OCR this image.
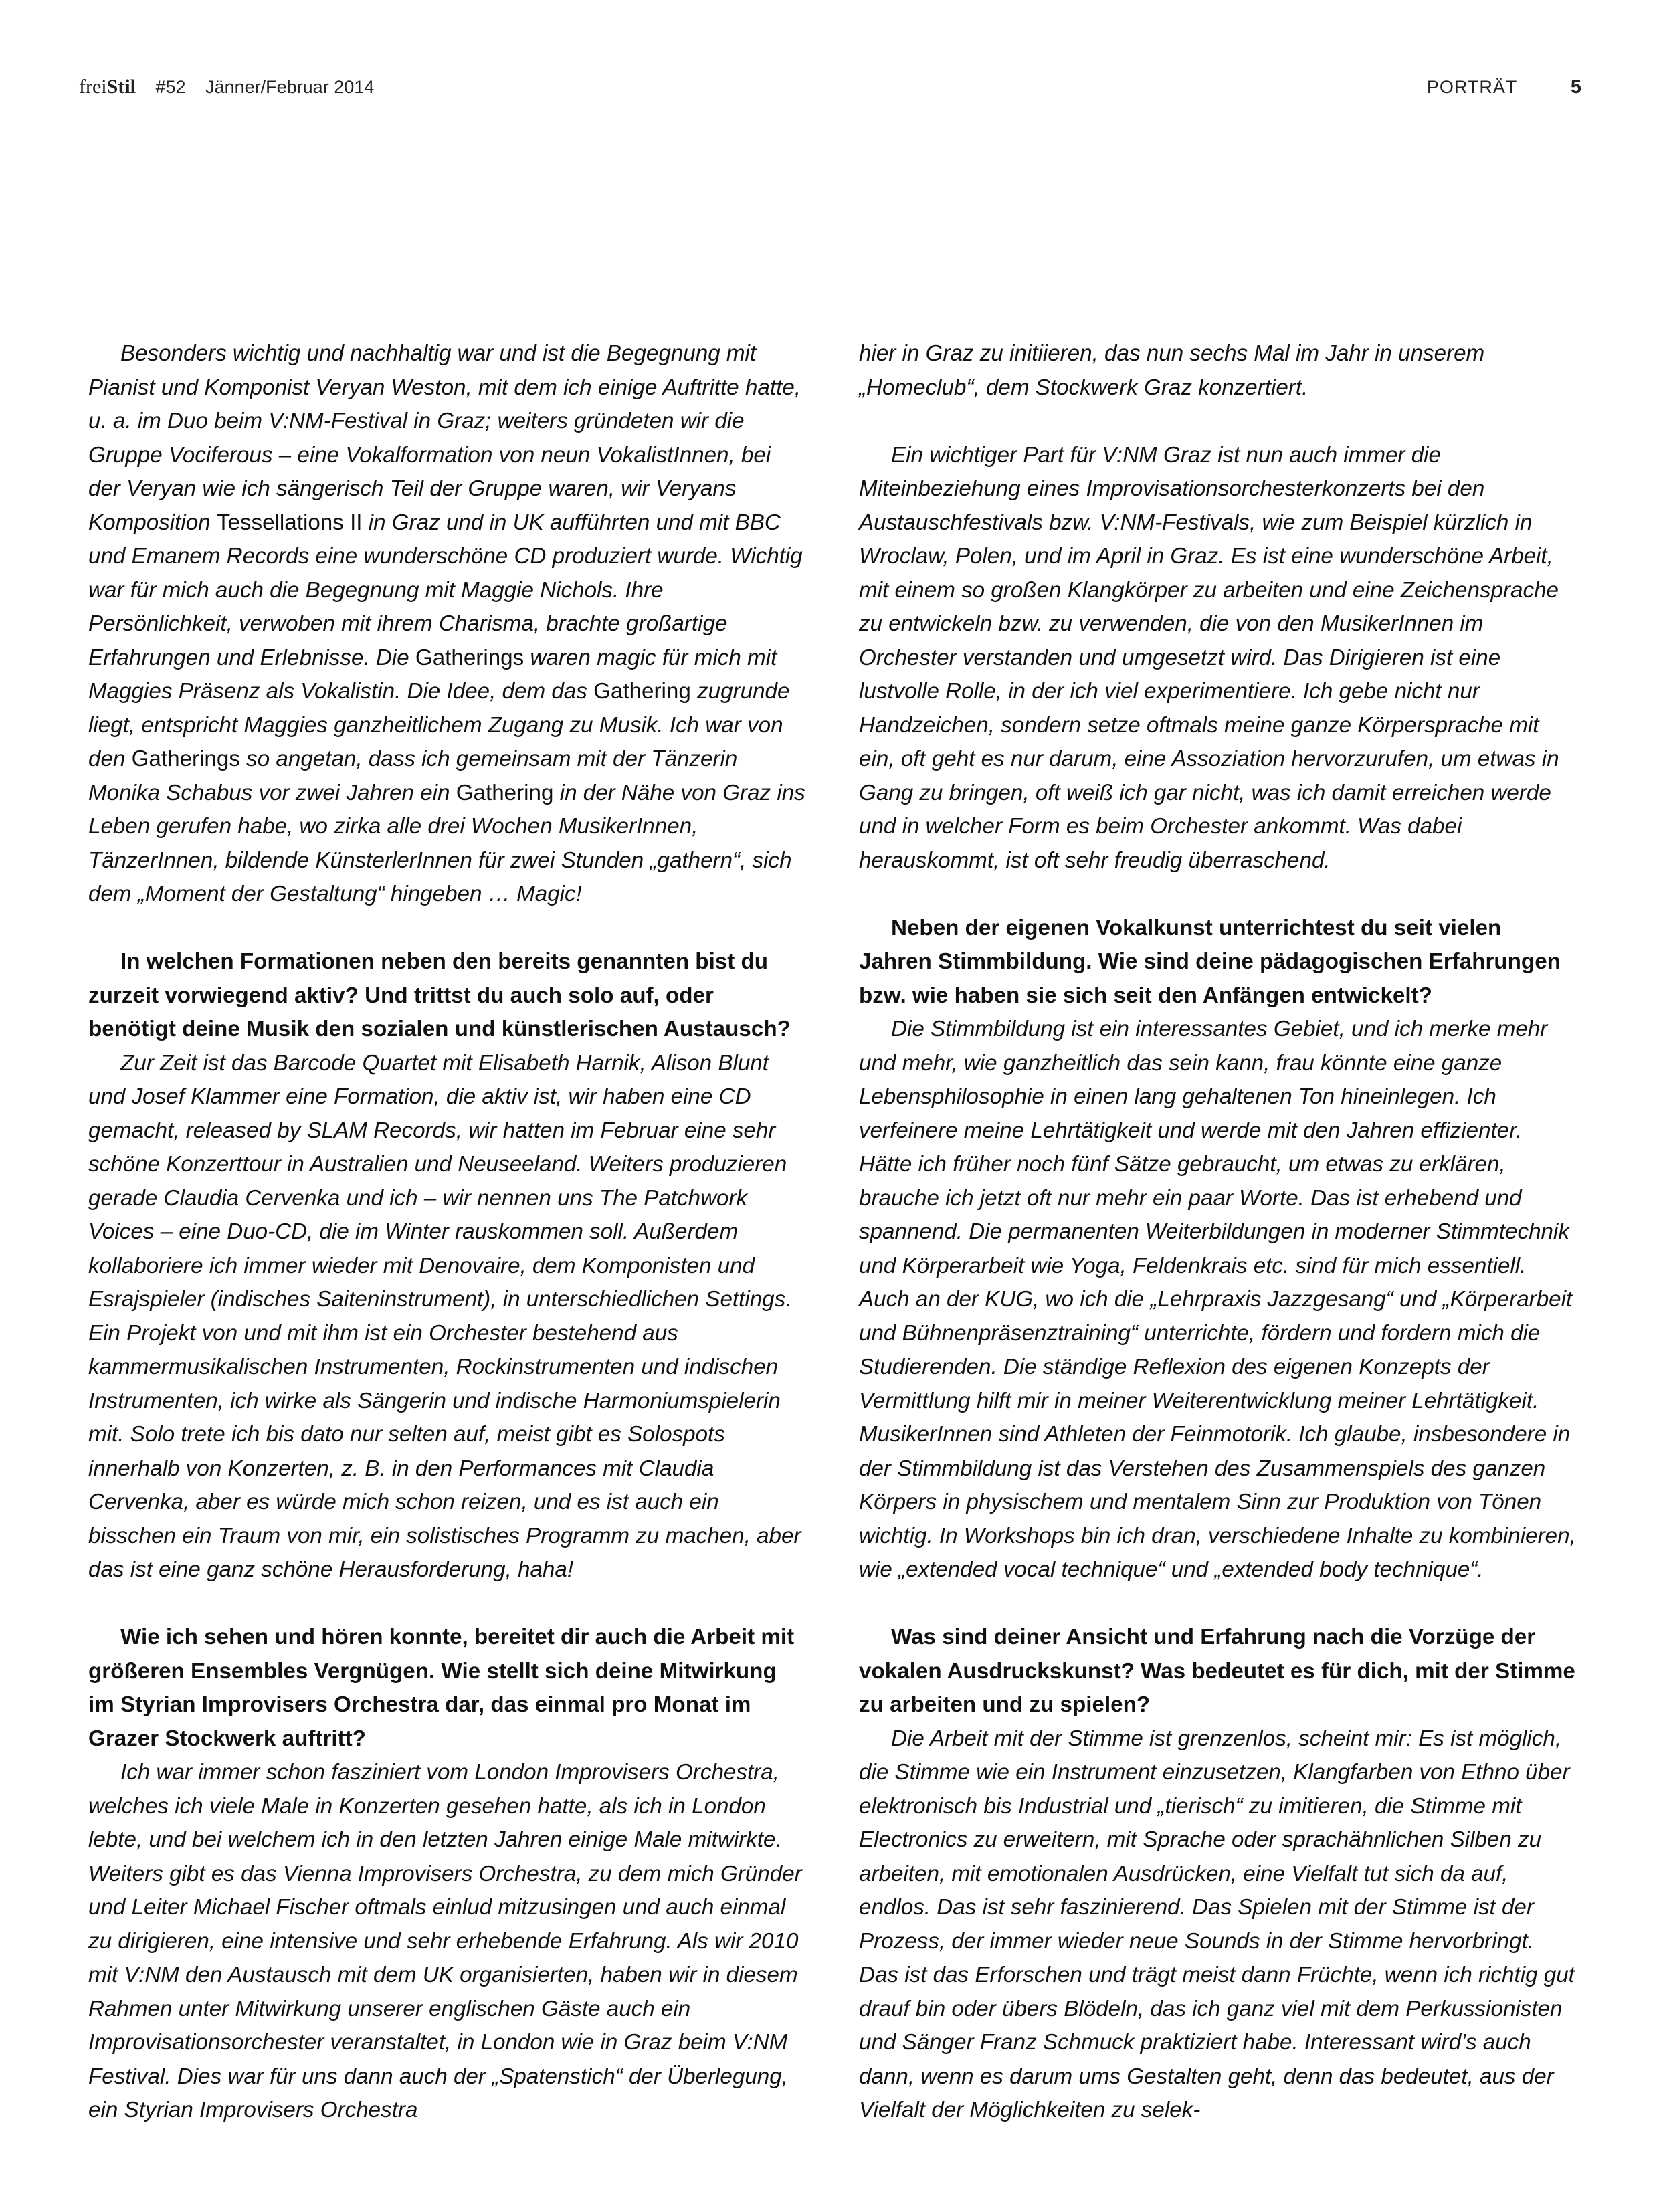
freiStil #52 Jänner/Februar 2014	PORTRÄT	5

Besonders wichtig und nachhaltig war und ist die Begegnung mit Pianist und Komponist Veryan Weston, mit dem ich einige Auftritte hatte, u. a. im Duo beim V:NM-Festival in Graz; weiters gründeten wir die Gruppe Vociferous – eine Vokalformation von neun VokalistInnen, bei der Veryan wie ich sängerisch Teil der Gruppe waren, wir Veryans Komposition Tessellations II in Graz und in UK aufführten und mit BBC und Emanem Records eine wunderschöne CD produziert wurde. Wichtig war für mich auch die Begegnung mit Maggie Nichols. Ihre Persönlichkeit, verwoben mit ihrem Charisma, brachte großartige Erfahrungen und Erlebnisse. Die Gatherings waren magic für mich mit Maggies Präsenz als Vokalistin. Die Idee, dem das Gathering zugrunde liegt, entspricht Maggies ganzheitlichem Zugang zu Musik. Ich war von den Gatherings so angetan, dass ich gemeinsam mit der Tänzerin Monika Schabus vor zwei Jahren ein Gathering in der Nähe von Graz ins Leben gerufen habe, wo zirka alle drei Wochen MusikerInnen, TänzerInnen, bildende KünsterlerInnen für zwei Stunden „gathern“, sich dem „Moment der Gestaltung“ hingeben … Magic!

In welchen Formationen neben den bereits genannten bist du zurzeit vorwiegend aktiv? Und trittst du auch solo auf, oder benötigt deine Musik den sozialen und künstlerischen Austausch?

Zur Zeit ist das Barcode Quartet mit Elisabeth Harnik, Alison Blunt und Josef Klammer eine Formation, die aktiv ist, wir haben eine CD gemacht, released by SLAM Records, wir hatten im Februar eine sehr schöne Konzerttour in Australien und Neuseeland. Weiters produzieren gerade Claudia Cervenka und ich – wir nennen uns The Patchwork Voices – eine Duo-CD, die im Winter rauskommen soll. Außerdem kollaboriere ich immer wieder mit Denovaire, dem Komponisten und Esrajspieler (indisches Saiteninstrument), in unterschiedlichen Settings. Ein Projekt von und mit ihm ist ein Orchester bestehend aus kammermusikalischen Instrumenten, Rockinstrumenten und indischen Instrumenten, ich wirke als Sängerin und indische Harmoniumspielerin mit. Solo trete ich bis dato nur selten auf, meist gibt es Solospots innerhalb von Konzerten, z. B. in den Performances mit Claudia Cervenka, aber es würde mich schon reizen, und es ist auch ein bisschen ein Traum von mir, ein solistisches Programm zu machen, aber das ist eine ganz schöne Herausforderung, haha!

Wie ich sehen und hören konnte, bereitet dir auch die Arbeit mit größeren Ensembles Vergnügen. Wie stellt sich deine Mitwirkung im Styrian Improvisers Orchestra dar, das einmal pro Monat im Grazer Stockwerk auftritt?

Ich war immer schon fasziniert vom London Improvisers Orchestra, welches ich viele Male in Konzerten gesehen hatte, als ich in London lebte, und bei welchem ich in den letzten Jahren einige Male mitwirkte. Weiters gibt es das Vienna Improvisers Orchestra, zu dem mich Gründer und Leiter Michael Fischer oftmals einlud mitzusingen und auch einmal zu dirigieren, eine intensive und sehr erhebende Erfahrung. Als wir 2010 mit V:NM den Austausch mit dem UK organisierten, haben wir in diesem Rahmen unter Mitwirkung unserer englischen Gäste auch ein Improvisationsorchester veranstaltet, in London wie in Graz beim V:NM Festival. Dies war für uns dann auch der „Spatenstich“ der Überlegung, ein Styrian Improvisers Orchestra

hier in Graz zu initiieren, das nun sechs Mal im Jahr in unserem „Homeclub“, dem Stockwerk Graz konzertiert.

Ein wichtiger Part für V:NM Graz ist nun auch immer die Miteinbeziehung eines Improvisationsorchesterkonzerts bei den Austauschfestivals bzw. V:NM-Festivals, wie zum Beispiel kürzlich in Wroclaw, Polen, und im April in Graz. Es ist eine wunderschöne Arbeit, mit einem so großen Klangkörper zu arbeiten und eine Zeichensprache zu entwickeln bzw. zu verwenden, die von den MusikerInnen im Orchester verstanden und umgesetzt wird. Das Dirigieren ist eine lustvolle Rolle, in der ich viel experimentiere. Ich gebe nicht nur Handzeichen, sondern setze oftmals meine ganze Körpersprache mit ein, oft geht es nur darum, eine Assoziation hervorzurufen, um etwas in Gang zu bringen, oft weiß ich gar nicht, was ich damit erreichen werde und in welcher Form es beim Orchester ankommt. Was dabei herauskommt, ist oft sehr freudig überraschend.

Neben der eigenen Vokalkunst unterrichtest du seit vielen Jahren Stimmbildung. Wie sind deine pädagogischen Erfahrungen bzw. wie haben sie sich seit den Anfängen entwickelt?

Die Stimmbildung ist ein interessantes Gebiet, und ich merke mehr und mehr, wie ganzheitlich das sein kann, frau könnte eine ganze Lebensphilosophie in einen lang gehaltenen Ton hineinlegen. Ich verfeinere meine Lehrtätigkeit und werde mit den Jahren effizienter. Hätte ich früher noch fünf Sätze gebraucht, um etwas zu erklären, brauche ich jetzt oft nur mehr ein paar Worte. Das ist erhebend und spannend. Die permanenten Weiterbildungen in moderner Stimmtechnik und Körperarbeit wie Yoga, Feldenkrais etc. sind für mich essentiell. Auch an der KUG, wo ich die „Lehrpraxis Jazzgesang“ und „Körperarbeit und Bühnenpräsenztraining“ unterrichte, fördern und fordern mich die Studierenden. Die ständige Reflexion des eigenen Konzepts der Vermittlung hilft mir in meiner Weiterentwicklung meiner Lehrtätigkeit. MusikerInnen sind Athleten der Feinmotorik. Ich glaube, insbesondere in der Stimmbildung ist das Verstehen des Zusammenspiels des ganzen Körpers in physischem und mentalem Sinn zur Produktion von Tönen wichtig. In Workshops bin ich dran, verschiedene Inhalte zu kombinieren, wie „extended vocal technique“ und „extended body technique“.

Was sind deiner Ansicht und Erfahrung nach die Vorzüge der vokalen Ausdruckskunst? Was bedeutet es für dich, mit der Stimme zu arbeiten und zu spielen?

Die Arbeit mit der Stimme ist grenzenlos, scheint mir: Es ist möglich, die Stimme wie ein Instrument einzusetzen, Klangfarben von Ethno über elektronisch bis Industrial und „tierisch“ zu imitieren, die Stimme mit Electronics zu erweitern, mit Sprache oder sprachähnlichen Silben zu arbeiten, mit emotionalen Ausdrücken, eine Vielfalt tut sich da auf, endlos. Das ist sehr faszinierend. Das Spielen mit der Stimme ist der Prozess, der immer wieder neue Sounds in der Stimme hervorbringt. Das ist das Erforschen und trägt meist dann Früchte, wenn ich richtig gut drauf bin oder übers Blödeln, das ich ganz viel mit dem Perkussionisten und Sänger Franz Schmuck praktiziert habe. Interessant wird’s auch dann, wenn es darum ums Gestalten geht, denn das bedeutet, aus der Vielfalt der Möglichkeiten zu selek-
